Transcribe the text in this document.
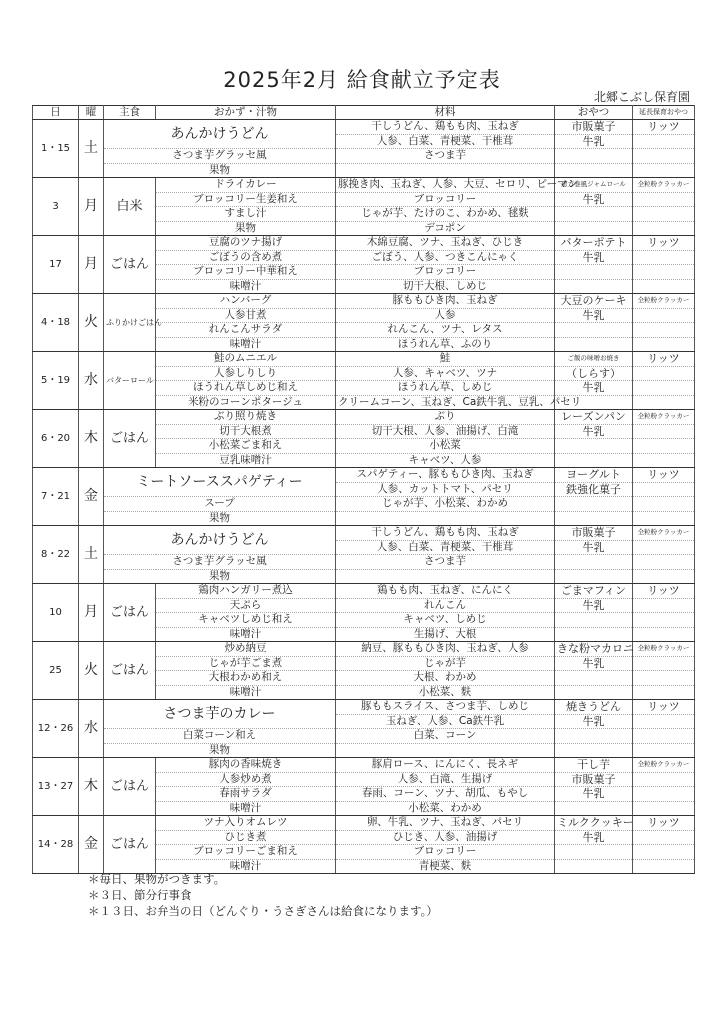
2025年2月 給食献立予定表
北郷こぶし保育園
日	曜	主食	おかず・汁物	材料	おやつ	延長保育おやつ
1・15	土	あんかけうどん		干しうどん、鶏もも肉、玉ねぎ	市販菓子	リッツ
				人参、白菜、青梗菜、干椎茸	牛乳	
		さつま芋グラッセ風		さつま芋		
		果物				
3	月	白米	ドライカレー	豚挽き肉、玉ねぎ、人参、大豆、セロリ、ピーマン	恵方巻風ジャムロール	全粒粉クラッカー
			ブロッコリー生姜和え	ブロッコリー	牛乳	
			すまし汁	じゃが芋、たけのこ、わかめ、毬麩		
			果物	デコポン		
17	月	ごはん	豆腐のツナ揚げ	木綿豆腐、ツナ、玉ねぎ、ひじき	バターポテト	リッツ
			ごぼうの含め煮	ごぼう、人参、つきこんにゃく	牛乳	
			ブロッコリー中華和え	ブロッコリー		
			味噌汁	切干大根、しめじ		
4・18	火	ふりかけごはん	ハンバーグ	豚ももひき肉、玉ねぎ	大豆のケーキ	全粒粉クラッカー
			人参甘煮	人参	牛乳	
			れんこんサラダ	れんこん、ツナ、レタス		
			味噌汁	ほうれん草、ふのり		
5・19	水	バターロール	鮭のムニエル	鮭	ご飯の味噌お焼き	リッツ
			人参しりしり	人参、キャベツ、ツナ	（しらす）	
			ほうれん草しめじ和え	ほうれん草、しめじ	牛乳	
			米粉のコーンポタージュ	クリームコーン、玉ねぎ、Ca鉄牛乳、豆乳、パセリ		
6・20	木	ごはん	ぶり照り焼き	ぶり	レーズンパン	全粒粉クラッカー
			切干大根煮	切干大根、人参、油揚げ、白滝	牛乳	
			小松菜ごま和え	小松菜		
			豆乳味噌汁	キャベツ、人参		
7・21	金	ミートソーススパゲティー		スパゲティー、豚ももひき肉、玉ねぎ	ヨーグルト	リッツ
				人参、カットトマト、パセリ	鉄強化菓子	
		スープ		じゃが芋、小松菜、わかめ		
		果物				
8・22	土	あんかけうどん		干しうどん、鶏もも肉、玉ねぎ	市販菓子	全粒粉クラッカー
				人参、白菜、青梗菜、干椎茸	牛乳	
		さつま芋グラッセ風		さつま芋		
		果物				
10	月	ごはん	鶏肉ハンガリー煮込	鶏もも肉、玉ねぎ、にんにく	ごまマフィン	リッツ
			天ぷら	れんこん	牛乳	
			キャベツしめじ和え	キャベツ、しめじ		
			味噌汁	生揚げ、大根		
25	火	ごはん	炒め納豆	納豆、豚ももひき肉、玉ねぎ、人参	きな粉マカロニ	全粒粉クラッカー
			じゃが芋ごま煮	じゃが芋	牛乳	
			大根わかめ和え	大根、わかめ		
			味噌汁	小松菜、麩		
12・26	水	さつま芋のカレー		豚ももスライス、さつま芋、しめじ	焼きうどん	リッツ
				玉ねぎ、人参、Ca鉄牛乳	牛乳	
		白菜コーン和え		白菜、コーン		
		果物				
13・27	木	ごはん	豚肉の香味焼き	豚肩ロース、にんにく、長ネギ	干し芋	全粒粉クラッカー
			人参炒め煮	人参、白滝、生揚げ	市販菓子	
			春雨サラダ	春雨、コーン、ツナ、胡瓜、もやし	牛乳	
			味噌汁	小松菜、わかめ		
14・28	金	ごはん	ツナ入りオムレツ	卵、牛乳、ツナ、玉ねぎ、パセリ	ミルククッキー	リッツ
			ひじき煮	ひじき、人参、油揚げ	牛乳	
			ブロッコリーごま和え	ブロッコリー		
			味噌汁	青梗菜、麩		
＊毎日、果物がつきます。
＊３日、節分行事食
＊１３日、お弁当の日（どんぐり・うさぎさんは給食になります。）
